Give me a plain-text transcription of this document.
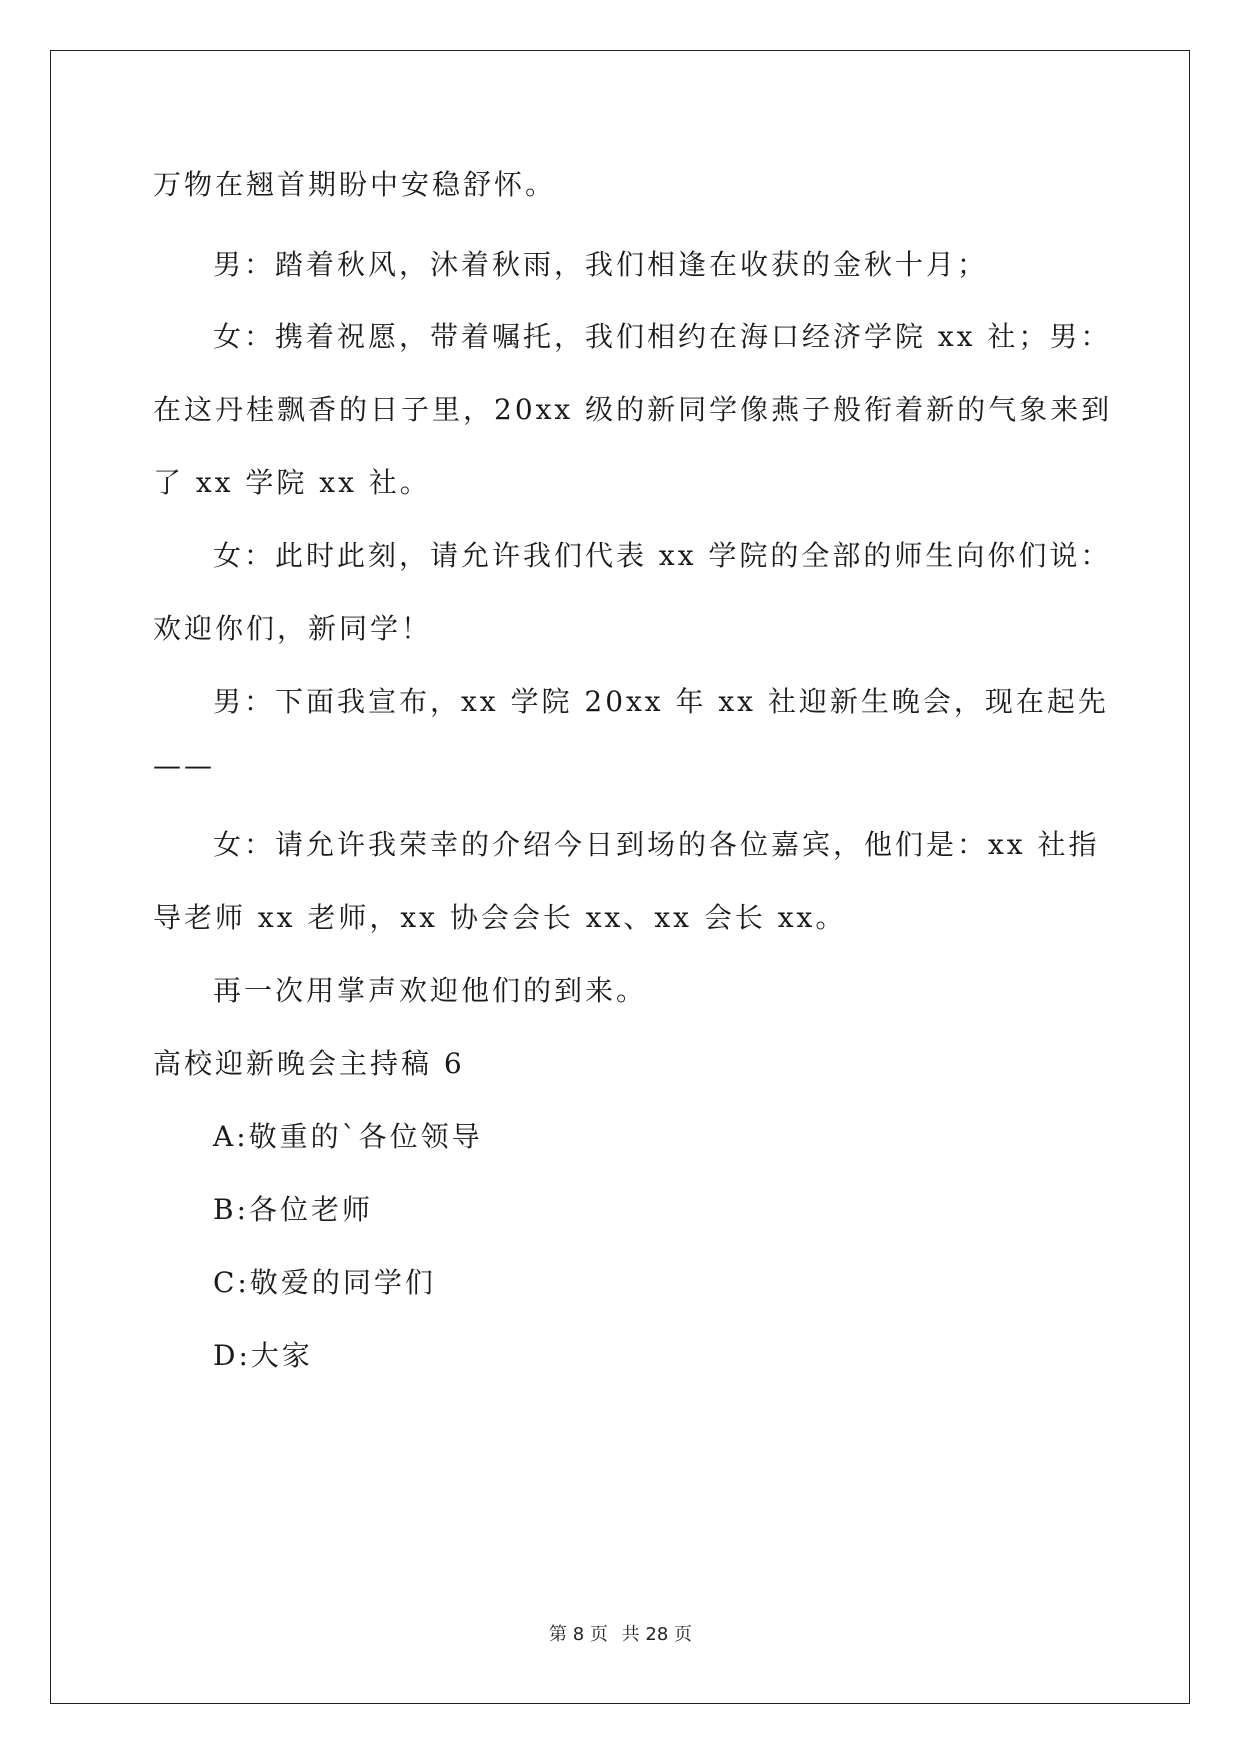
万物在翘首期盼中安稳舒怀。
男：踏着秋风，沐着秋雨，我们相逢在收获的金秋十月；
女：携着祝愿，带着嘱托，我们相约在海口经济学院 xx 社；男：
在这丹桂飘香的日子里，20xx 级的新同学像燕子般衔着新的气象来到
了 xx 学院 xx 社。
女：此时此刻，请允许我们代表 xx 学院的全部的师生向你们说：
欢迎你们，新同学！
男：下面我宣布，xx 学院 20xx 年 xx 社迎新生晚会，现在起先
——
女：请允许我荣幸的介绍今日到场的各位嘉宾，他们是：xx 社指
导老师 xx 老师，xx 协会会长 xx、xx 会长 xx。
再一次用掌声欢迎他们的到来。
高校迎新晚会主持稿 6
A:敬重的`各位领导
B:各位老师
C:敬爱的同学们
D:大家
第 8 页 共 28 页
